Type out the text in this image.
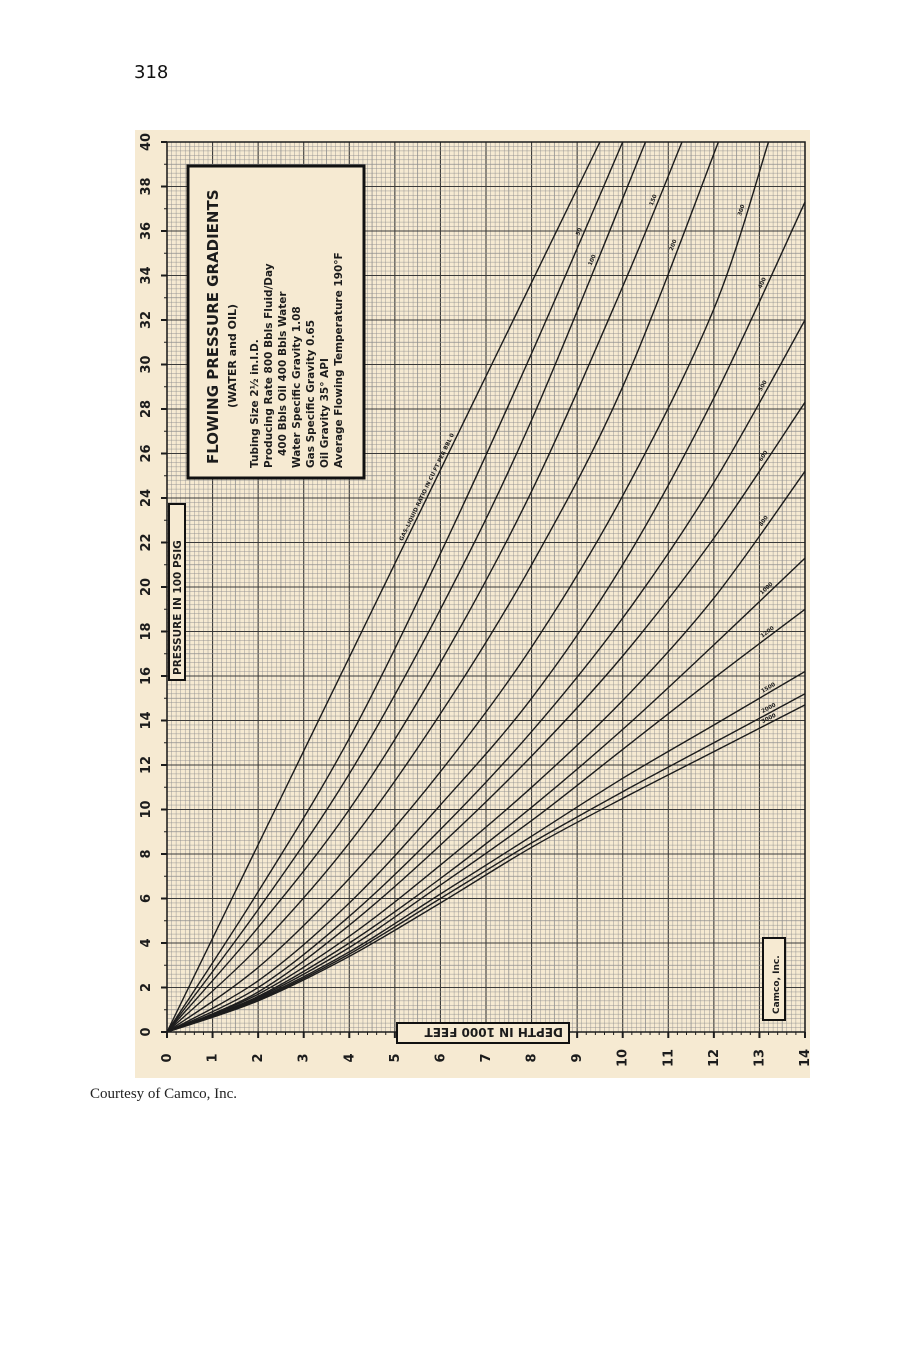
318
GAS-LIQUID RATIO IN CU FT PER BBL 0
50
100
150
200
300
400
500
600
800
1000
1200
1500
2000
3000
0
2
4
6
8
10
12
14
16
18
20
22
24
26
28
30
32
34
36
38
40
0 1 2 3 4 5 6 7 8 9 10 11 12 13 14
FLOWING PRESSURE GRADIENTS (WATER and OIL) Tubing Size 2½ in.I.D. Producing Rate 800 Bbls Fluid/Day 400 Bbls Oil 400 Bbls Water Water Specific Gravity 1.08 Gas Specific Gravity 0.65 Oil Gravity 35° API Average Flowing Temperature 190°F
PRESSURE IN 100 PSIG
DEPTH IN 1000 FEET
Camco, Inc.
Courtesy of Camco, Inc.
